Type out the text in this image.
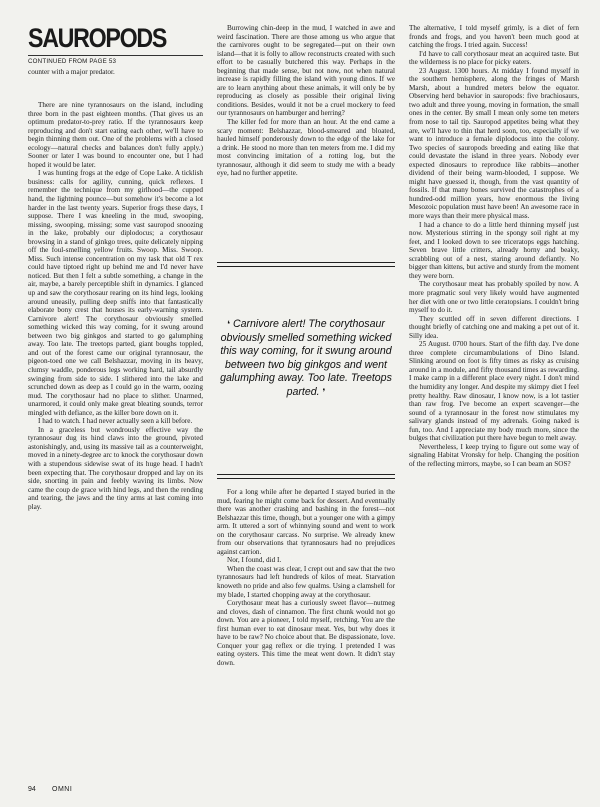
SAUROPODS
CONTINUED FROM PAGE 53
counter with a major predator.

There are nine tyrannosaurs on the island, including three born in the past eighteen months. (That gives us an optimum predator-to-prey ratio. If the tyrannosaurs keep reproducing and don't start eating each other, we'll have to begin thinning them out. One of the problems with a closed ecology—natural checks and balances don't fully apply.) Sooner or later I was bound to encounter one, but I had hoped it would be later.

I was hunting frogs at the edge of Cope Lake. A ticklish business: calls for agility, cunning, quick reflexes. I remember the technique from my girlhood—the cupped hand, the lightning pounce—but somehow it's become a lot harder in the last twenty years. Superior frogs these days, I suppose. There I was kneeling in the mud, swooping, missing, swooping, missing; some vast sauropod snoozing in the lake, probably our diplodocus; a corythosaur browsing in a stand of ginkgo trees, quite delicately nipping off the foul-smelling yellow fruits. Swoop. Miss. Swoop. Miss. Such intense concentration on my task that old T rex could have tiptoed right up behind me and I'd never have noticed. But then I felt a subtle something, a change in the air, maybe, a barely perceptible shift in dynamics. I glanced up and saw the corythosaur rearing on its hind legs, looking around uneasily, pulling deep sniffs into that fantastically elaborate bony crest that houses its early-warning system. Carnivore alert! The corythosaur obviously smelled something wicked this way coming, for it swung around between two big ginkgos and started to go galumphing away. Too late. The treetops parted, giant boughs toppled, and out of the forest came our original tyrannosaur, the pigeon-toed one we call Belshazzar, moving in its heavy, clumsy waddle, ponderous legs working hard, tail absurdly swinging from side to side. I slithered into the lake and scrunched down as deep as I could go in the warm, oozing mud. The corythosaur had no place to slither. Unarmed, unarmored, it could only make great bleating sounds, terror mingled with defiance, as the killer bore down on it.

I had to watch. I had never actually seen a kill before.

In a graceless but wondrously effective way the tyrannosaur dug its hind claws into the ground, pivoted astonishingly, and, using its massive tail as a counterweight, moved in a ninety-degree arc to knock the corythosaur down with a stupendous sidewise swat of its huge head. I hadn't been expecting that. The corythosaur dropped and lay on its side, snorting in pain and feebly waving its limbs. Now came the coup de grace with hind legs, and then the rending and tearing, the jaws and the tiny arms at last coming into play.

Burrowing chin-deep in the mud, I watched in awe and weird fascination. There are those among us who argue that the carnivores ought to be segregated—put on their own island—that it is folly to allow reconstructs created with such effort to be casually butchered this way. Perhaps in the beginning that made sense, but not now, not when natural increase is rapidly filling the island with young dinos. If we are to learn anything about these animals, it will only be by reproducing as closely as possible their original living conditions. Besides, would it not be a cruel mockery to feed our tyrannosaurs on hamburger and herring?

The killer fed for more than an hour. At the end came a scary moment: Belshazzar, blood-smeared and bloated, hauled himself ponderously down to the edge of the lake for a drink. He stood no more than ten meters from me. I did my most convincing imitation of a rotting log, but the tyrannosaur, although it did seem to study me with a beady eye, had no further appetite.

❛ Carnivore alert! The corythosaur obviously smelled something wicked this way coming, for it swung around between two big ginkgos and went galumphing away. Too late. Treetops parted. ❜

For a long while after he departed I stayed buried in the mud, fearing he might come back for dessert. And eventually there was another crashing and bashing in the forest—not Belshazzar this time, though, but a younger one with a gimpy arm. It uttered a sort of whinnying sound and went to work on the corythosaur carcass. No surprise. We already knew from our observations that tyrannosaurs had no prejudices against carrion.

Nor, I found, did I.

When the coast was clear, I crept out and saw that the two tyrannosaurs had left hundreds of kilos of meat. Starvation knoweth no pride and also few qualms. Using a clamshell for my blade, I started chopping away at the corythosaur.

Corythosaur meat has a curiously sweet flavor—nutmeg and cloves, dash of cinnamon. The first chunk would not go down. You are a pioneer, I told myself, retching. You are the first human ever to eat dinosaur meat. Yes, but why does it have to be raw? No choice about that. Be dispassionate, love. Conquer your gag reflex or die trying. I pretended I was eating oysters. This time the meat went down. It didn't stay down.

The alternative, I told myself grimly, is a diet of fern fronds and frogs, and you haven't been much good at catching the frogs. I tried again. Success!

I'd have to call corythosaur meat an acquired taste. But the wilderness is no place for picky eaters.

23 August. 1300 hours. At midday I found myself in the southern hemisphere, along the fringes of Marsh Marsh, about a hundred meters below the equator. Observing herd behavior in sauropods: five brachiosaurs, two adult and three young, moving in formation, the small ones in the center. By small I mean only some ten meters from nose to tail tip. Sauropod appetites being what they are, we'll have to thin that herd soon, too, especially if we want to introduce a female diplodocus into the colony. Two species of sauropods breeding and eating like that could devastate the island in three years. Nobody ever expected dinosaurs to reproduce like rabbits—another dividend of their being warm-blooded, I suppose. We might have guessed it, though, from the vast quantity of fossils. If that many bones survived the catastrophes of a hundred-odd million years, how enormous the living Mesozoic population must have been! An awesome race in more ways than their mere physical mass.

I had a chance to do a little herd thinning myself just now. Mysterious stirring in the spongy soil right at my feet, and I looked down to see triceratops eggs hatching. Seven brave little critters, already horny and beaky, scrabbling out of a nest, staring around defiantly. No bigger than kittens, but active and sturdy from the moment they were born.

The corythosaur meat has probably spoiled by now. A more pragmatic soul very likely would have augmented her diet with one or two little ceratopsians. I couldn't bring myself to do it.

They scuttled off in seven different directions. I thought briefly of catching one and making a pet out of it. Silly idea.

25 August. 0700 hours. Start of the fifth day. I've done three complete circumambulations of Dino Island. Slinking around on foot is fifty times as risky as cruising around in a module, and fifty thousand times as rewarding. I make camp in a different place every night. I don't mind the humidity any longer. And despite my skimpy diet I feel pretty healthy. Raw dinosaur, I know now, is a lot tastier than raw frog. I've become an expert scavenger—the sound of a tyrannosaur in the forest now stimulates my salivary glands instead of my adrenals. Going naked is fun, too. And I appreciate my body much more, since the bulges that civilization put there have begun to melt away.

Nevertheless, I keep trying to figure out some way of signaling Habitat Vronsky for help. Changing the position of the reflecting mirrors, maybe, so I can beam an SOS?

94 OMNI
